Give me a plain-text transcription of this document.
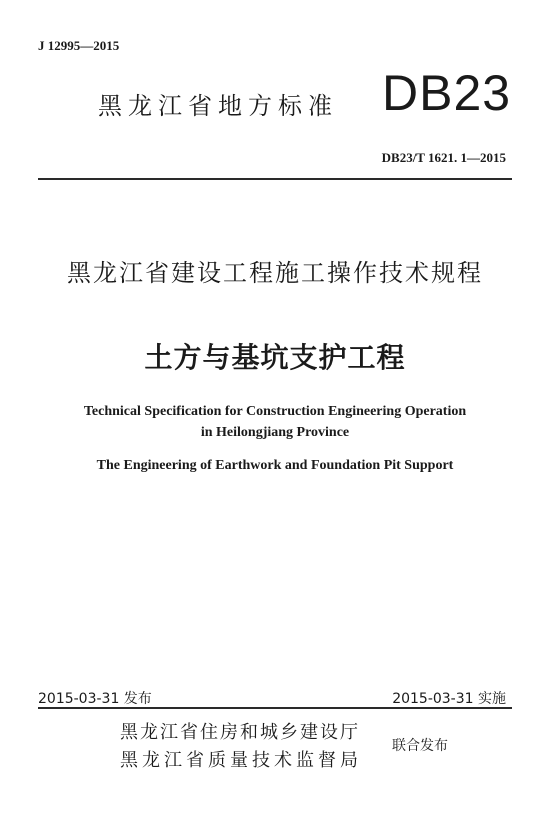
J 12995—2015
黑龙江省地方标准 DB23
DB23/T 1621. 1—2015
黑龙江省建设工程施工操作技术规程
土方与基坑支护工程
Technical Specification for Construction Engineering Operation
in Heilongjiang Province
The Engineering of Earthwork and Foundation Pit Support
2015-03-31 发布	2015-03-31 实施
黑龙江省住房和城乡建设厅
黑龙江省质量技术监督局
联合发布
